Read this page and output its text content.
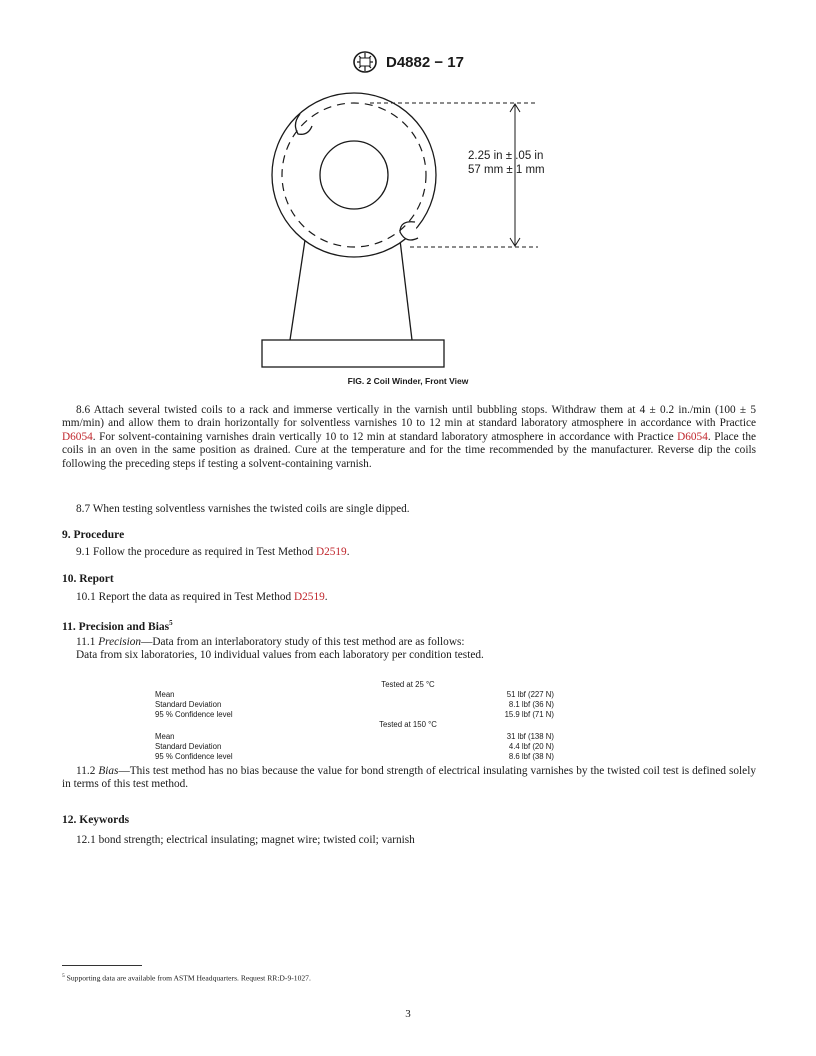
D4882 − 17
2.25 in ± .05 in
57 mm ± 1 mm
FIG. 2 Coil Winder, Front View

8.6 Attach several twisted coils to a rack and immerse vertically in the varnish until bubbling stops. Withdraw them at 4 ± 0.2 in./min (100 ± 5 mm/min) and allow them to drain horizontally for solventless varnishes 10 to 12 min at standard laboratory atmosphere in accordance with Practice D6054. For solvent-containing varnishes drain vertically 10 to 12 min at standard laboratory atmosphere in accordance with Practice D6054. Place the coils in an oven in the same position as drained. Cure at the temperature and for the time recommended by the manufacturer. Reverse dip the coils following the preceding steps if testing a solvent-containing varnish.

8.7 When testing solventless varnishes the twisted coils are single dipped.

9. Procedure

9.1 Follow the procedure as required in Test Method D2519.

10. Report

10.1 Report the data as required in Test Method D2519.

11. Precision and Bias$^5$

11.1 Precision—Data from an interlaboratory study of this test method are as follows:

Data from six laboratories, 10 individual values from each laboratory per condition tested.

Tested at 25 °C
Mean	51 lbf (227 N)
Standard Deviation	8.1 lbf (36 N)
95 % Confidence level	15.9 lbf (71 N)
Tested at 150 °C
Mean	31 lbf (138 N)
Standard Deviation	4.4 lbf (20 N)
95 % Confidence level	8.6 lbf (38 N)

11.2 Bias—This test method has no bias because the value for bond strength of electrical insulating varnishes by the twisted coil test is defined solely in terms of this test method.

12. Keywords

12.1 bond strength; electrical insulating; magnet wire; twisted coil; varnish

$^5$ Supporting data are available from ASTM Headquarters. Request RR:D-9-1027.
3
